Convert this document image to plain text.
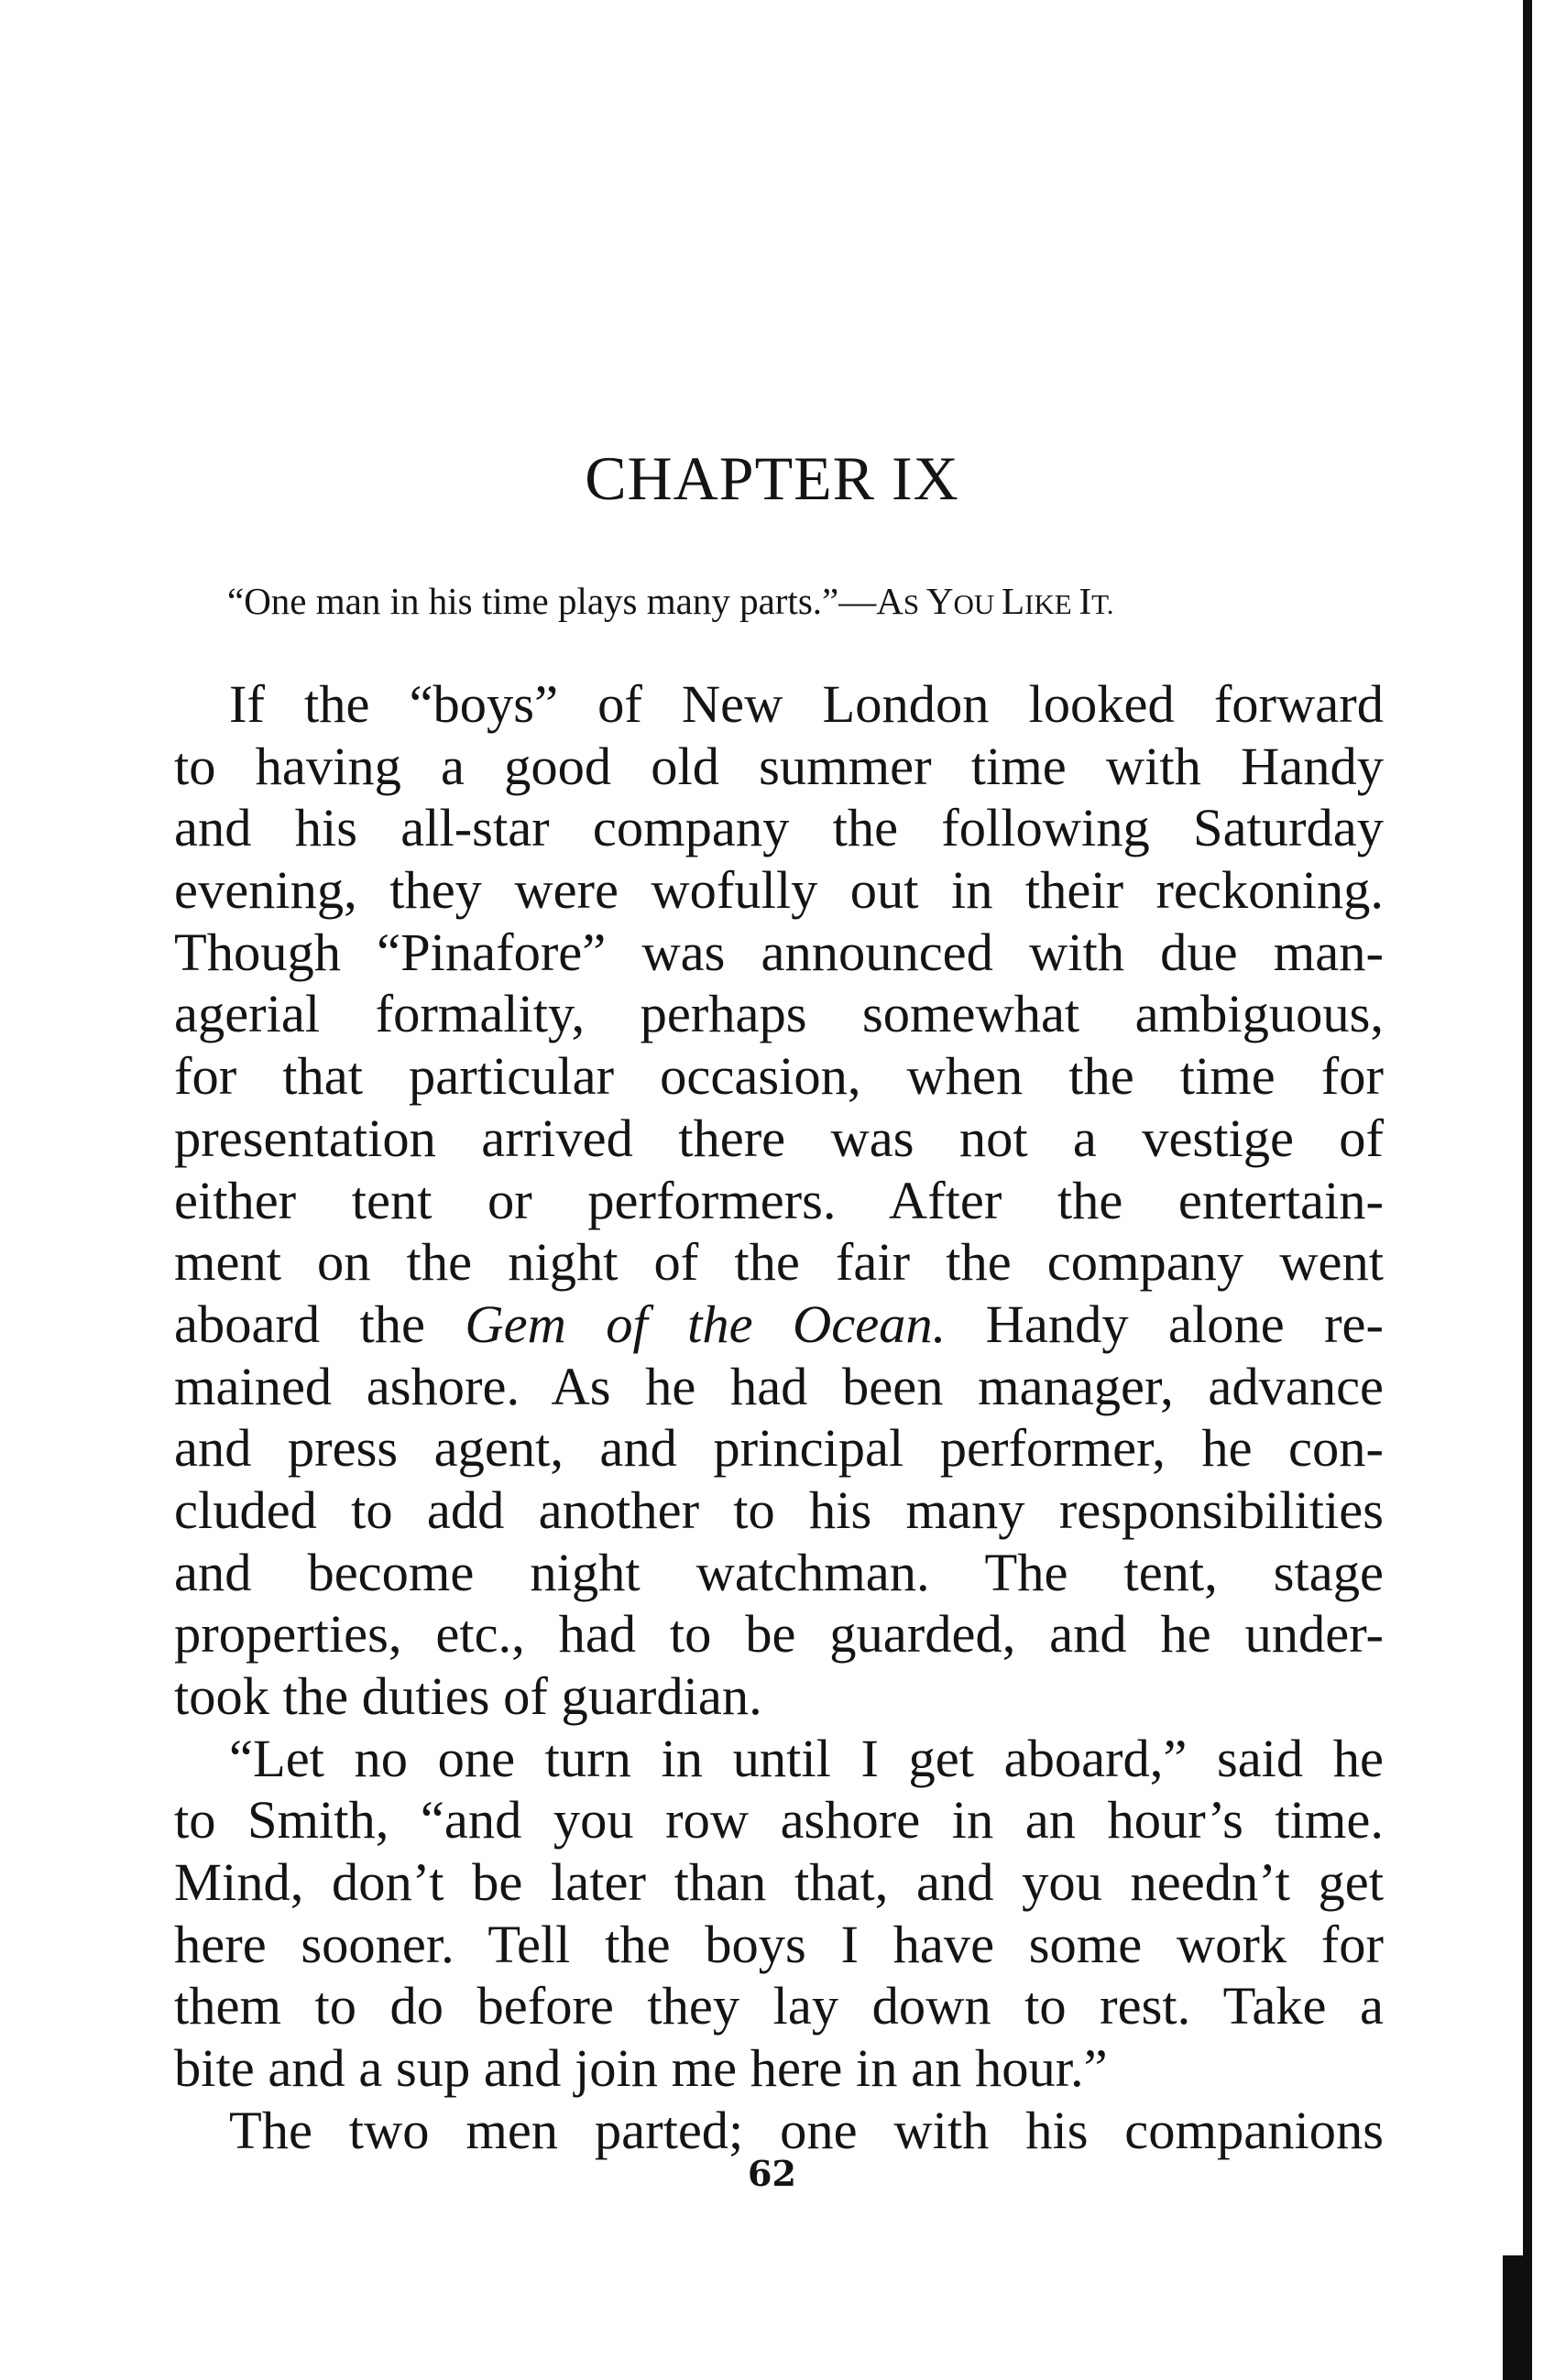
CHAPTER IX
“One man in his time plays many parts.”—AS YOU LIKE IT.
If the “boys” of New London looked forward
to having a good old summer time with Handy
and his all-star company the following Saturday
evening, they were wofully out in their reckoning.
Though “Pinafore” was announced with due man-
agerial formality, perhaps somewhat ambiguous,
for that particular occasion, when the time for
presentation arrived there was not a vestige of
either tent or performers. After the entertain-
ment on the night of the fair the company went
aboard the Gem of the Ocean. Handy alone re-
mained ashore. As he had been manager, advance
and press agent, and principal performer, he con-
cluded to add another to his many responsibilities
and become night watchman. The tent, stage
properties, etc., had to be guarded, and he under-
took the duties of guardian.
“Let no one turn in until I get aboard,” said he
to Smith, “and you row ashore in an hour’s time.
Mind, don’t be later than that, and you needn’t get
here sooner. Tell the boys I have some work for
them to do before they lay down to rest. Take a
bite and a sup and join me here in an hour.”
The two men parted; one with his companions
62
